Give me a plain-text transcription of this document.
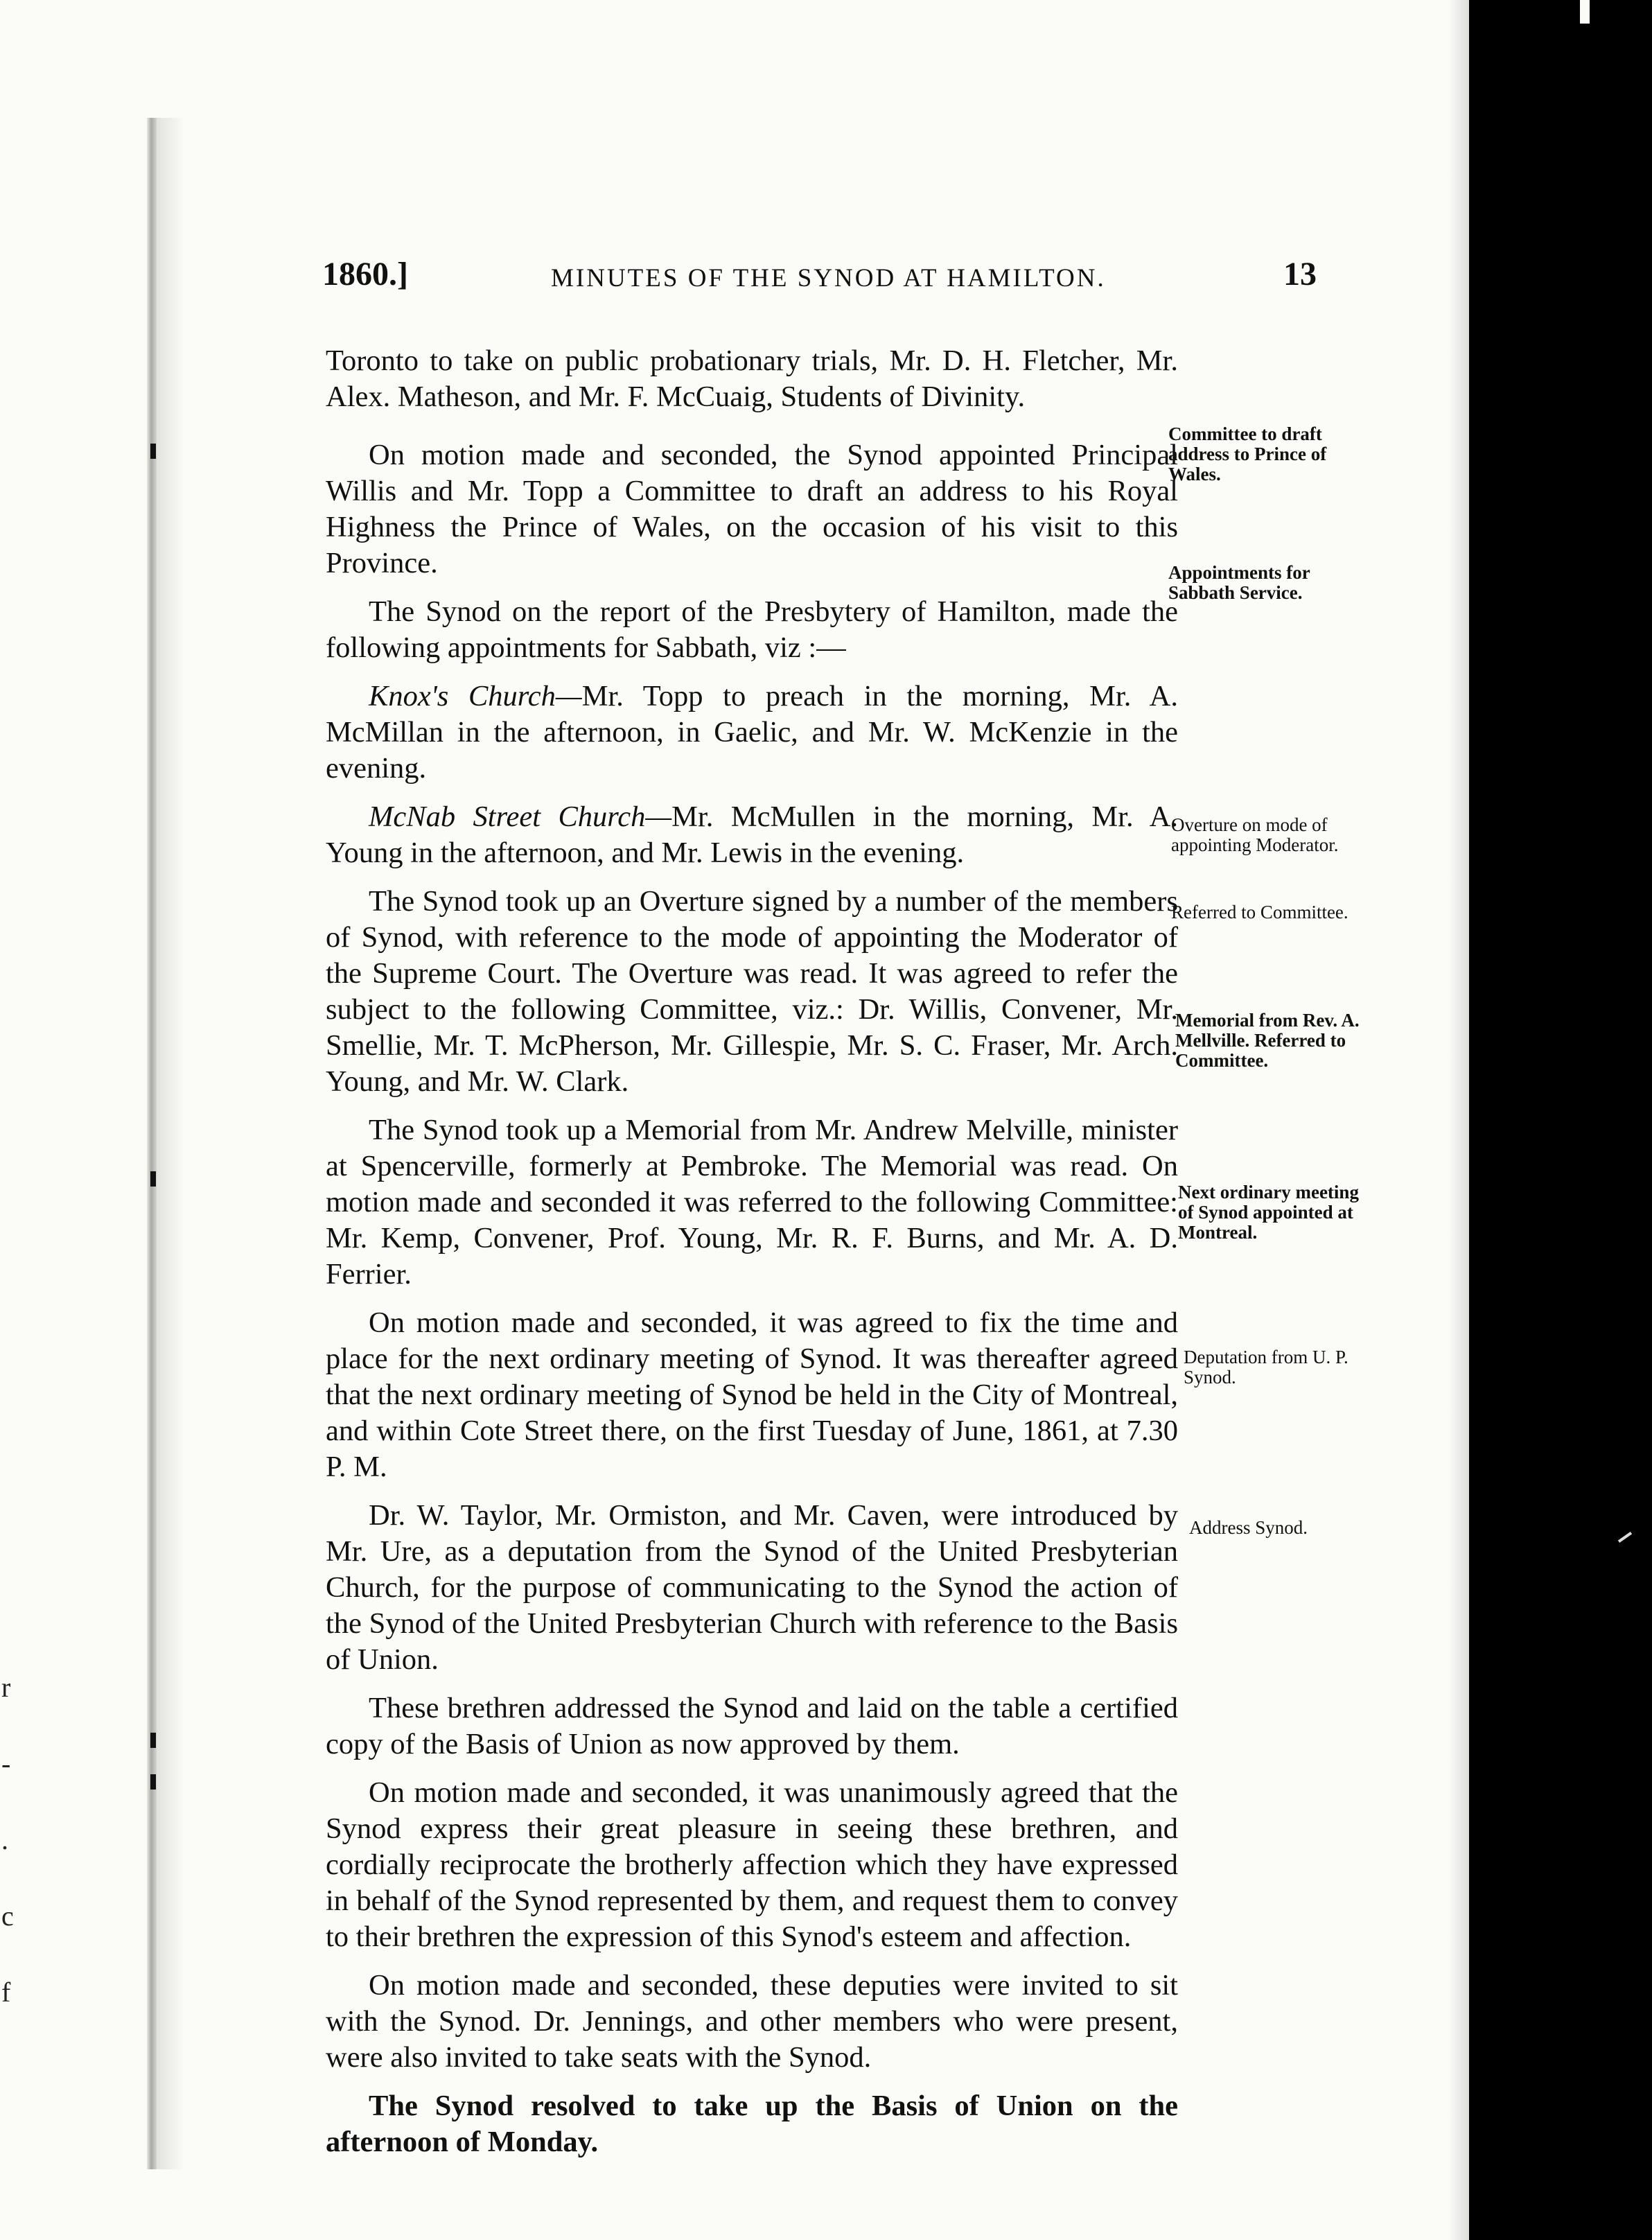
r - . c f
1860.]	MINUTES OF THE SYNOD AT HAMILTON.	13

Toronto to take on public probationary trials, Mr. D. H. Fletcher, Mr. Alex. Matheson, and Mr. F. McCuaig, Students of Divinity.

On motion made and seconded, the Synod appointed Principal Willis and Mr. Topp a Committee to draft an address to his Royal Highness the Prince of Wales, on the occasion of his visit to this Province.

The Synod on the report of the Presbytery of Hamilton, made the following appointments for Sabbath, viz :—

Knox's Church—Mr. Topp to preach in the morning, Mr. A. McMillan in the afternoon, in Gaelic, and Mr. W. McKenzie in the evening.

McNab Street Church—Mr. McMullen in the morning, Mr. A. Young in the afternoon, and Mr. Lewis in the evening.

The Synod took up an Overture signed by a number of the members of Synod, with reference to the mode of appointing the Moderator of the Supreme Court. The Overture was read. It was agreed to refer the subject to the following Committee, viz.: Dr. Willis, Convener, Mr. Smellie, Mr. T. McPherson, Mr. Gillespie, Mr. S. C. Fraser, Mr. Arch. Young, and Mr. W. Clark.

The Synod took up a Memorial from Mr. Andrew Melville, minister at Spencerville, formerly at Pembroke. The Memorial was read. On motion made and seconded it was referred to the following Committee: Mr. Kemp, Convener, Prof. Young, Mr. R. F. Burns, and Mr. A. D. Ferrier.

On motion made and seconded, it was agreed to fix the time and place for the next ordinary meeting of Synod. It was thereafter agreed that the next ordinary meeting of Synod be held in the City of Montreal, and within Cote Street there, on the first Tuesday of June, 1861, at 7.30 P. M.

Dr. W. Taylor, Mr. Ormiston, and Mr. Caven, were introduced by Mr. Ure, as a deputation from the Synod of the United Presbyterian Church, for the purpose of communicating to the Synod the action of the Synod of the United Presbyterian Church with reference to the Basis of Union.

These brethren addressed the Synod and laid on the table a certified copy of the Basis of Union as now approved by them.

On motion made and seconded, it was unanimously agreed that the Synod express their great pleasure in seeing these brethren, and cordially reciprocate the brotherly affection which they have expressed in behalf of the Synod represented by them, and request them to convey to their brethren the expression of this Synod's esteem and affection.

On motion made and seconded, these deputies were invited to sit with the Synod. Dr. Jennings, and other members who were present, were also invited to take seats with the Synod.

The Synod resolved to take up the Basis of Union on the afternoon of Monday.

Committee to draft address to Prince of Wales.
Appointments for Sabbath Service.
Overture on mode of appointing Moderator.
Referred to Committee.
Memorial from Rev. A. Mellville. Referred to Committee.
Next ordinary meeting of Synod appointed at Montreal.
Deputation from U. P. Synod.
Address Synod.
